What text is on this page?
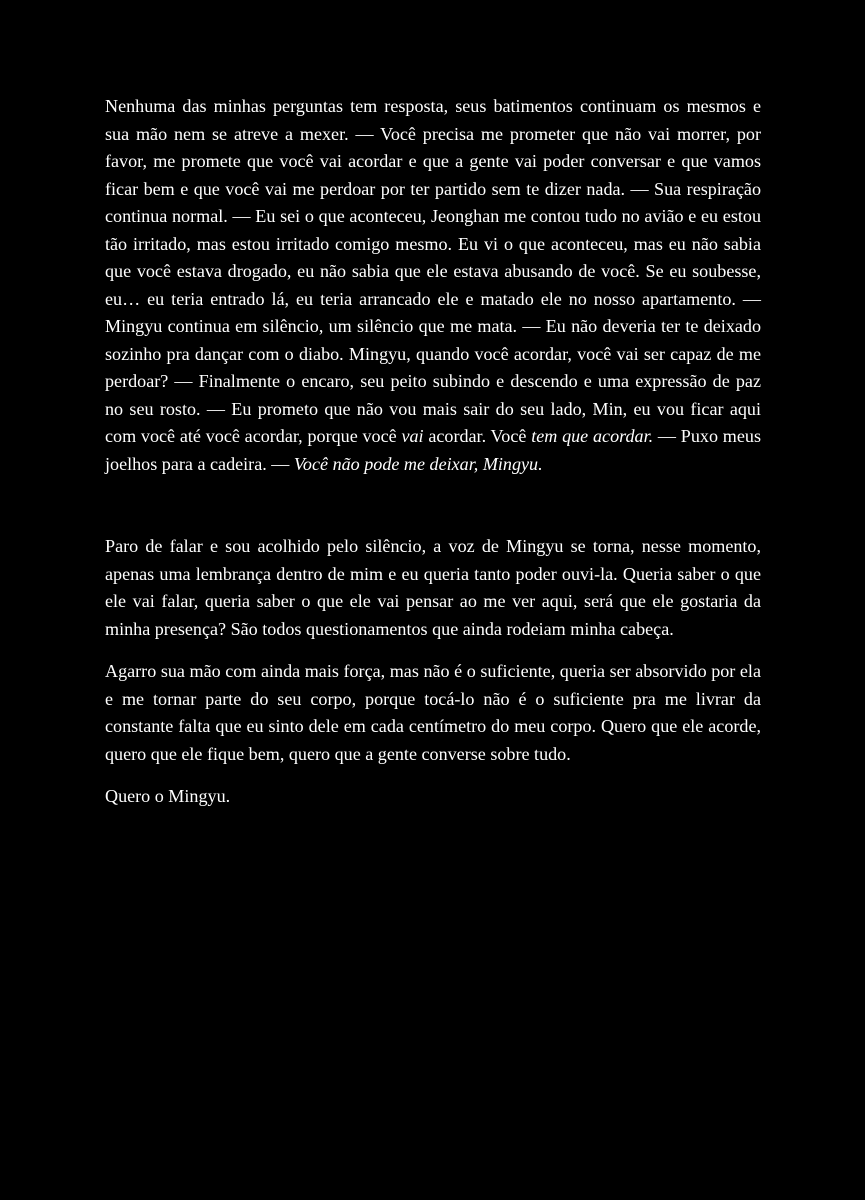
Nenhuma das minhas perguntas tem resposta, seus batimentos continuam os mesmos e sua mão nem se atreve a mexer. — Você precisa me prometer que não vai morrer, por favor, me promete que você vai acordar e que a gente vai poder conversar e que vamos ficar bem e que você vai me perdoar por ter partido sem te dizer nada. — Sua respiração continua normal. — Eu sei o que aconteceu, Jeonghan me contou tudo no avião e eu estou tão irritado, mas estou irritado comigo mesmo. Eu vi o que aconteceu, mas eu não sabia que você estava drogado, eu não sabia que ele estava abusando de você. Se eu soubesse, eu… eu teria entrado lá, eu teria arrancado ele e matado ele no nosso apartamento. — Mingyu continua em silêncio, um silêncio que me mata. — Eu não deveria ter te deixado sozinho pra dançar com o diabo. Mingyu, quando você acordar, você vai ser capaz de me perdoar? — Finalmente o encaro, seu peito subindo e descendo e uma expressão de paz no seu rosto. — Eu prometo que não vou mais sair do seu lado, Min, eu vou ficar aqui com você até você acordar, porque você vai acordar. Você tem que acordar. — Puxo meus joelhos para a cadeira. — Você não pode me deixar, Mingyu.

Paro de falar e sou acolhido pelo silêncio, a voz de Mingyu se torna, nesse momento, apenas uma lembrança dentro de mim e eu queria tanto poder ouvi-la. Queria saber o que ele vai falar, queria saber o que ele vai pensar ao me ver aqui, será que ele gostaria da minha presença? São todos questionamentos que ainda rodeiam minha cabeça.

Agarro sua mão com ainda mais força, mas não é o suficiente, queria ser absorvido por ela e me tornar parte do seu corpo, porque tocá-lo não é o suficiente pra me livrar da constante falta que eu sinto dele em cada centímetro do meu corpo. Quero que ele acorde, quero que ele fique bem, quero que a gente converse sobre tudo.

Quero o Mingyu.
